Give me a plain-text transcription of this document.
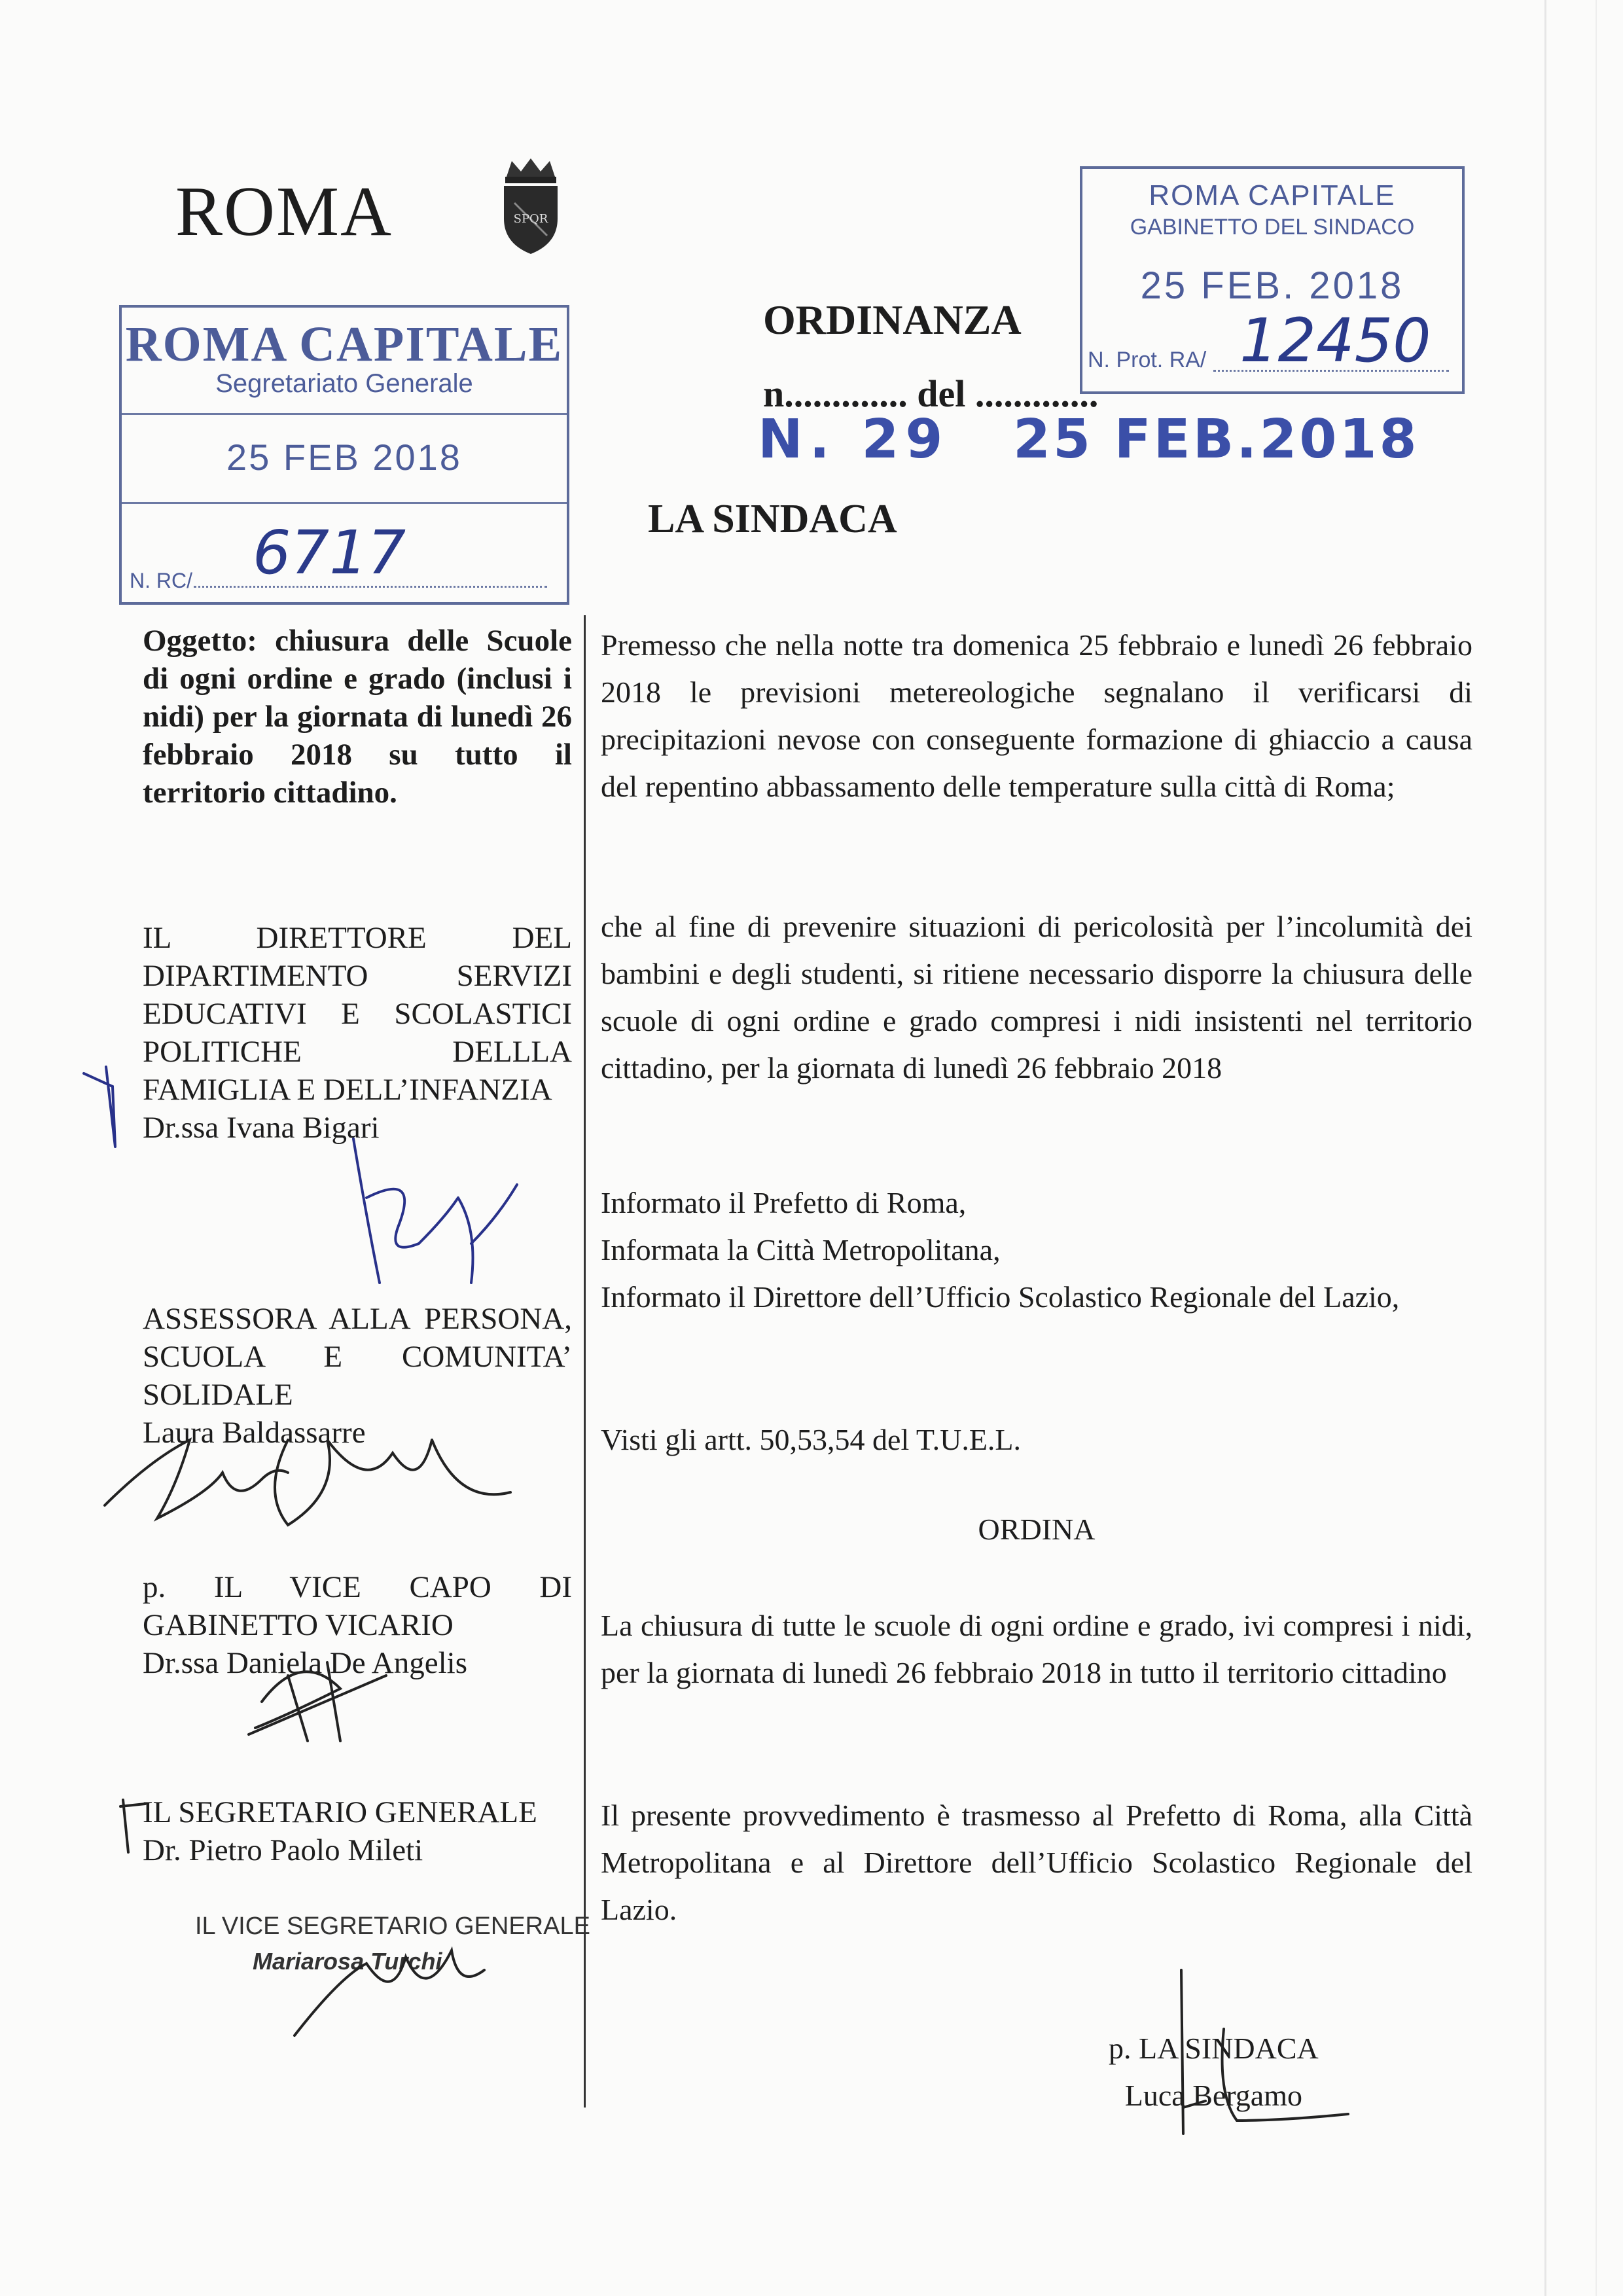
ROMA	SPQR
ROMA CAPITALE
Segretariato Generale
25 FEB 2018
N. RC/ 6717
ROMA CAPITALE
GABINETTO DEL SINDACO
25 FEB. 2018
N. Prot. RA/ 12450
ORDINANZA
n............. del .............
N. 29 25 FEB.2018
LA SINDACA
Oggetto: chiusura delle Scuole di ogni ordine e grado (inclusi i nidi) per la giornata di lunedì 26 febbraio 2018 su tutto il territorio cittadino.
IL DIRETTORE DEL DIPARTIMENTO SERVIZI EDUCATIVI E SCOLASTICI POLITICHE DELLLA FAMIGLIA E DELL’INFANZIA
Dr.ssa Ivana Bigari
ASSESSORA ALLA PERSONA, SCUOLA E COMUNITA’ SOLIDALE
Laura Baldassarre
p. IL VICE CAPO DI GABINETTO VICARIO
Dr.ssa Daniela De Angelis
IL SEGRETARIO GENERALE
Dr. Pietro Paolo Mileti
IL VICE SEGRETARIO GENERALE
Mariarosa Turchi
Premesso che nella notte tra domenica 25 febbraio e lunedì 26 febbraio 2018 le previsioni metereologiche segnalano il verificarsi di precipitazioni nevose con conseguente formazione di ghiaccio a causa del repentino abbassamento delle temperature sulla città di Roma;
che al fine di prevenire situazioni di pericolosità per l’incolumità dei bambini e degli studenti, si ritiene necessario disporre la chiusura delle scuole di ogni ordine e grado compresi i nidi insistenti nel territorio cittadino, per la giornata di lunedì 26 febbraio 2018
Informato il Prefetto di Roma,
Informata la Città Metropolitana,
Informato il Direttore dell’Ufficio Scolastico Regionale del Lazio,
Visti gli artt. 50,53,54 del T.U.E.L.
ORDINA
La chiusura di tutte le scuole di ogni ordine e grado, ivi compresi i nidi, per la giornata di lunedì 26 febbraio 2018 in tutto il territorio cittadino
Il presente provvedimento è trasmesso al Prefetto di Roma, alla Città Metropolitana e al Direttore dell’Ufficio Scolastico Regionale del Lazio.
p. LA SINDACA
Luca Bergamo
